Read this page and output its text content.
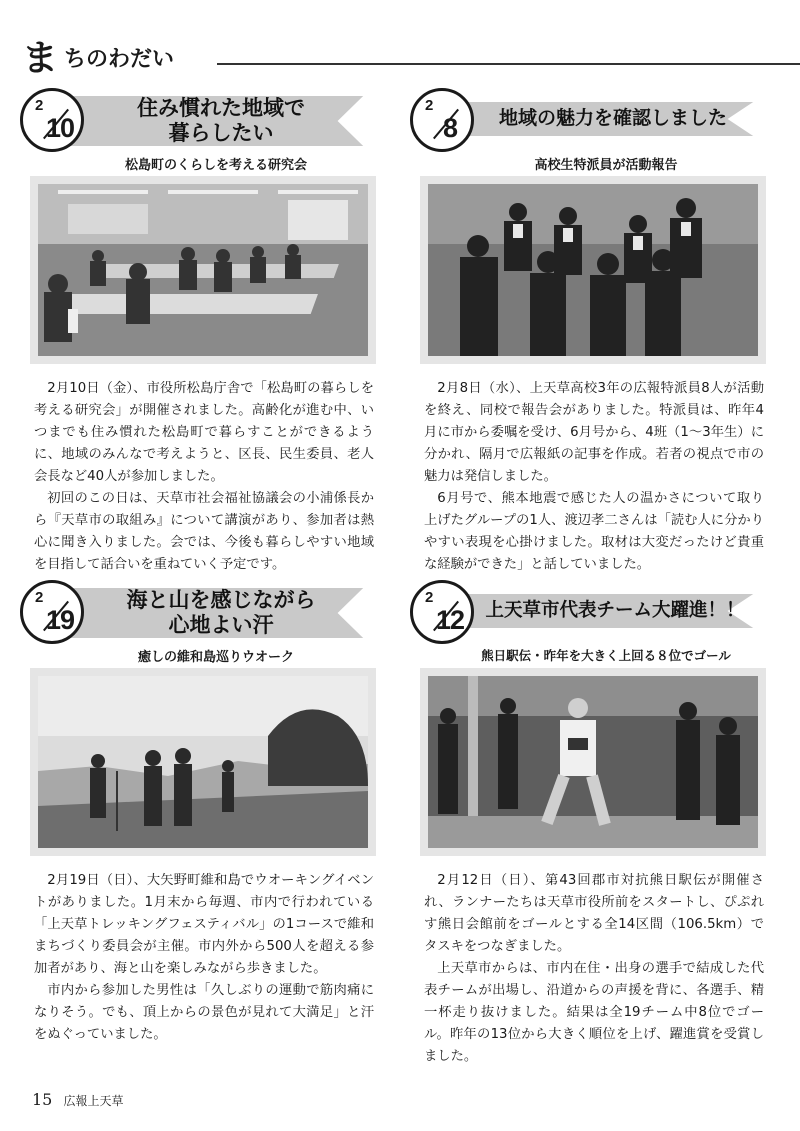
ま ちのわだい
2
10
住み慣れた地域で
暮らしたい
松島町のくらしを考える研究会

2月10日（金）、市役所松島庁舎で「松島町の暮らしを考える研究会」が開催されました。高齢化が進む中、いつまでも住み慣れた松島町で暮らすことができるように、地域のみんなで考えようと、区長、民生委員、老人会長など40人が参加しました。

初回のこの日は、天草市社会福祉協議会の小浦係長から『天草市の取組み』について講演があり、参加者は熱心に聞き入りました。会では、今後も暮らしやすい地域を目指して話合いを重ねていく予定です。

2
8	地域の魅力を確認しました
高校生特派員が活動報告

2月8日（水）、上天草高校3年の広報特派員8人が活動を終え、同校で報告会がありました。特派員は、昨年4月に市から委嘱を受け、6月号から、4班（1～3年生）に分かれ、隔月で広報紙の記事を作成。若者の視点で市の魅力は発信しました。

6月号で、熊本地震で感じた人の温かさについて取り上げたグループの1人、渡辺孝二さんは「読む人に分かりやすい表現を心掛けました。取材は大変だったけど貴重な経験ができた」と話していました。

2
19
海と山を感じながら
心地よい汗
癒しの維和島巡りウオーク

2月19日（日）、大矢野町維和島でウオーキングイベントがありました。1月末から毎週、市内で行われている「上天草トレッキングフェスティバル」の1コースで維和まちづくり委員会が主催。市内外から500人を超える参加者があり、海と山を楽しみながら歩きました。

市内から参加した男性は「久しぶりの運動で筋肉痛になりそう。でも、頂上からの景色が見れて大満足」と汗をぬぐっていました。

2
12 上天草市代表チーム大躍進！！
熊日駅伝・昨年を大きく上回る８位でゴール

2月12日（日）、第43回郡市対抗熊日駅伝が開催され、ランナーたちは天草市役所前をスタートし、ぴぷれす熊日会館前をゴールとする全14区間（106.5km）でタスキをつなぎました。

上天草市からは、市内在住・出身の選手で結成した代表チームが出場し、沿道からの声援を背に、各選手、精一杯走り抜けました。結果は全19チーム中8位でゴール。昨年の13位から大きく順位を上げ、躍進賞を受賞しました。

15 広報上天草
